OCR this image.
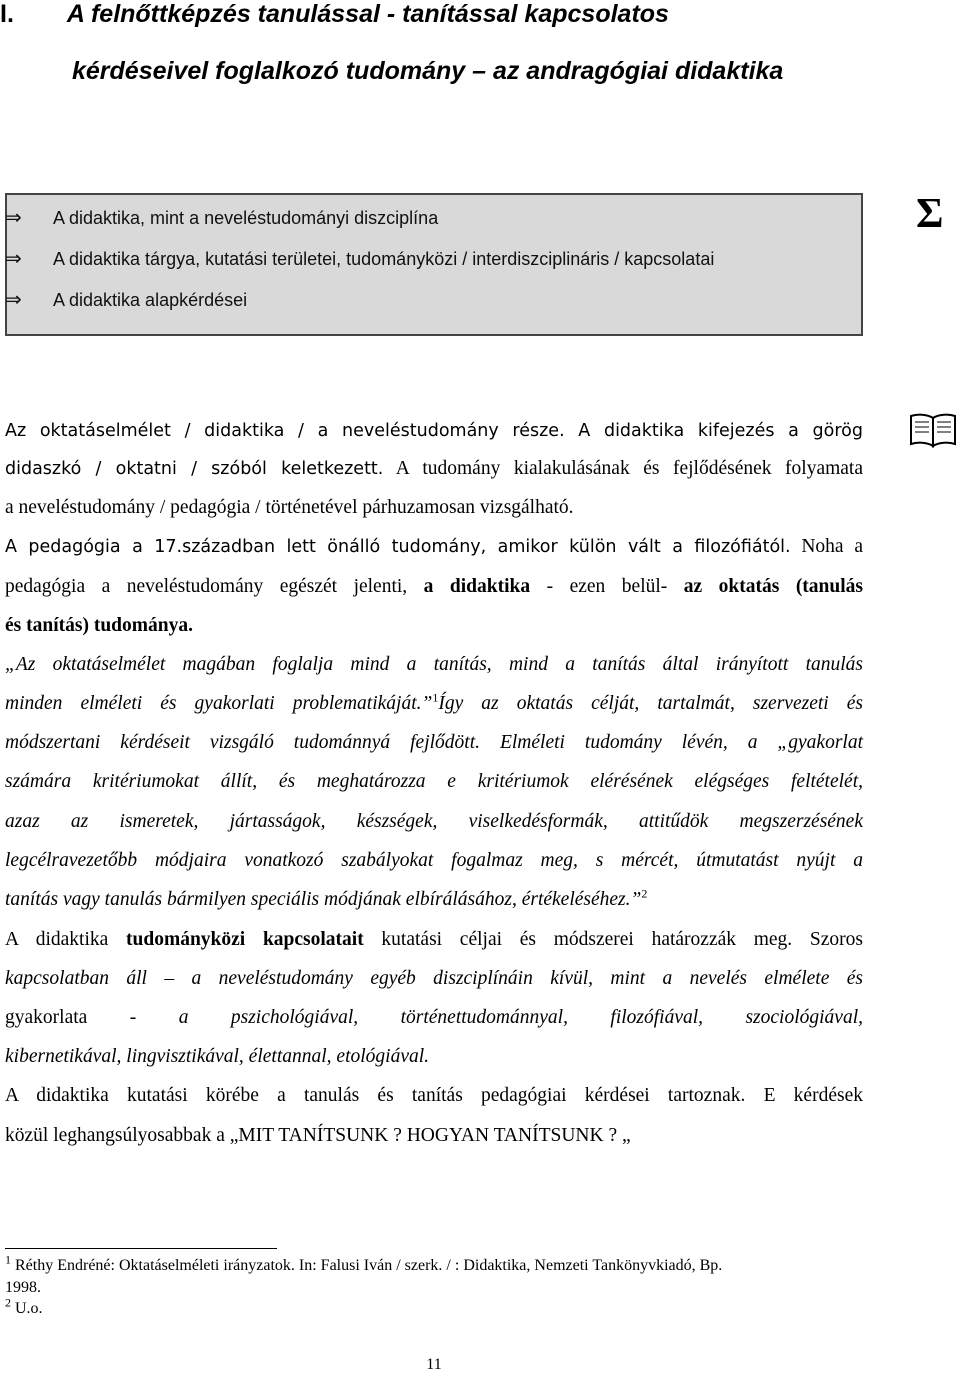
I. A felnőttképzés tanulással - tanítással kapcsolatos
kérdéseivel foglalkozó tudomány – az andragógiai didaktika
⇒ A didaktika, mint a neveléstudományi diszciplína
⇒ A didaktika tárgya, kutatási területei, tudományközi / interdiszciplináris / kapcsolatai
⇒ A didaktika alapkérdései
Σ
Az oktatáselmélet / didaktika / a neveléstudomány része. A didaktika kifejezés a görög
didaszkó / oktatni / szóból keletkezett. A tudomány kialakulásának és fejlődésének folyamata
a neveléstudomány / pedagógia / történetével párhuzamosan vizsgálható.
A pedagógia a 17.században lett önálló tudomány, amikor külön vált a filozófiától. Noha a
pedagógia a neveléstudomány egészét jelenti, a didaktika - ezen belül- az oktatás (tanulás
és tanítás) tudománya.
„Az oktatáselmélet magában foglalja mind a tanítás, mind a tanítás által irányított tanulás
minden elméleti és gyakorlati problematikáját.”$^1$Így az oktatás célját, tartalmát, szervezeti és
módszertani kérdéseit vizsgáló tudománnyá fejlődött. Elméleti tudomány lévén, a „gyakorlat
számára kritériumokat állít, és meghatározza e kritériumok elérésének elégséges feltételét,
azaz az ismeretek, jártasságok, készségek, viselkedésformák, attitűdök megszerzésének
legcélravezetőbb módjaira vonatkozó szabályokat fogalmaz meg, s mércét, útmutatást nyújt a
tanítás vagy tanulás bármilyen speciális módjának elbírálásához, értékeléséhez.”$^2$
A didaktika tudományközi kapcsolatait kutatási céljai és módszerei határozzák meg. Szoros
kapcsolatban áll – a neveléstudomány egyéb diszciplínáin kívül, mint a nevelés elmélete és
gyakorlata - a pszichológiával, történettudománnyal, filozófiával, szociológiával,
kibernetikával, lingvisztikával, élettannal, etológiával.
A didaktika kutatási körébe a tanulás és tanítás pedagógiai kérdései tartoznak. E kérdések
közül leghangsúlyosabbak a „MIT TANÍTSUNK ? HOGYAN TANÍTSUNK ? „
$^1$ Réthy Endréné: Oktatáselméleti irányzatok. In: Falusi Iván / szerk. / : Didaktika, Nemzeti Tankönyvkiadó, Bp.
1998.
$^2$ U.o.
11
